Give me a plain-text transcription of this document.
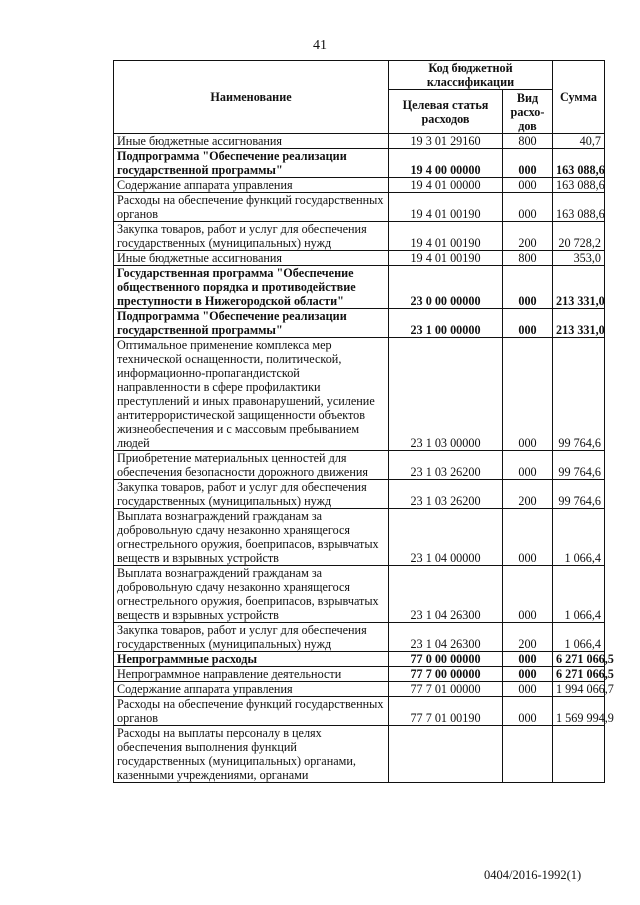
41
Наименование	Код бюджетной классификации		Сумма
	Целевая статья расходов	Вид расхо-дов	
Иные бюджетные ассигнования	19 3 01 29160	800	40,7
Подпрограмма "Обеспечение реализации государственной программы"	19 4 00 00000	000	163 088,6
Содержание аппарата управления	19 4 01 00000	000	163 088,6
Расходы на обеспечение функций государственных органов	19 4 01 00190	000	163 088,6
Закупка товаров, работ и услуг для обеспечения государственных (муниципальных) нужд	19 4 01 00190	200	20 728,2
Иные бюджетные ассигнования	19 4 01 00190	800	353,0
Государственная программа "Обеспечение общественного порядка и противодействие преступности в Нижегородской области"	23 0 00 00000	000	213 331,0
Подпрограмма "Обеспечение реализации государственной программы"	23 1 00 00000	000	213 331,0
Оптимальное применение комплекса мер технической оснащенности, политической, информационно-пропагандистской направленности в сфере профилактики преступлений и иных правонарушений, усиление антитеррористической защищенности объектов жизнеобеспечения и с массовым пребыванием людей	23 1 03 00000	000	99 764,6
Приобретение материальных ценностей для обеспечения безопасности дорожного движения	23 1 03 26200	000	99 764,6
Закупка товаров, работ и услуг для обеспечения государственных (муниципальных) нужд	23 1 03 26200	200	99 764,6
Выплата вознаграждений гражданам за добровольную сдачу незаконно хранящегося огнестрельного оружия, боеприпасов, взрывчатых веществ и взрывных устройств	23 1 04 00000	000	1 066,4
Выплата вознаграждений гражданам за добровольную сдачу незаконно хранящегося огнестрельного оружия, боеприпасов, взрывчатых веществ и взрывных устройств	23 1 04 26300	000	1 066,4
Закупка товаров, работ и услуг для обеспечения государственных (муниципальных) нужд	23 1 04 26300	200	1 066,4
Непрограммные расходы	77 0 00 00000	000	6 271 066,5
Непрограммное направление деятельности	77 7 00 00000	000	6 271 066,5
Содержание аппарата управления	77 7 01 00000	000	1 994 066,7
Расходы на обеспечение функций государственных органов	77 7 01 00190	000	1 569 994,9
Расходы на выплаты персоналу в целях обеспечения выполнения функций государственных (муниципальных) органами, казенными учреждениями, органами			
0404/2016-1992(1)
